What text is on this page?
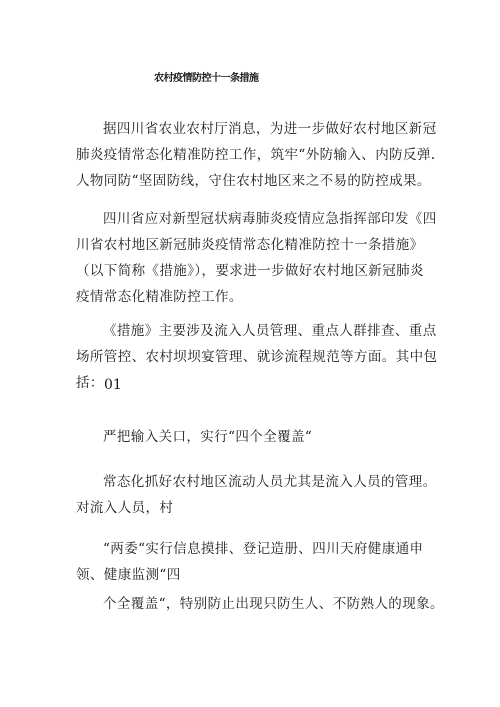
农村疫情防控十一条措施

据四川省农业农村厅消息，为进一步做好农村地区新冠
肺炎疫情常态化精准防控工作，筑牢“外防输入、内防反弹.
人物同防“坚固防线，守住农村地区来之不易的防控成果。

四川省应对新型冠状病毒肺炎疫情应急指挥部印发《四
川省农村地区新冠肺炎疫情常态化精准防控十一条措施》
（以下简称《措施》），要求进一步做好农村地区新冠肺炎
疫情常态化精准防控工作。

《措施》主要涉及流入人员管理、重点人群排查、重点
场所管控、农村坝坝宴管理、就诊流程规范等方面。其中包
括： 01

严把输入关口，实行“四个全覆盖“

常态化抓好农村地区流动人员尤其是流入人员的管理。
对流入人员，村

“两委“实行信息摸排、登记造册、四川天府健康通申
领、健康监测“四

个全覆盖“，特别防止出现只防生人、不防熟人的现象。
